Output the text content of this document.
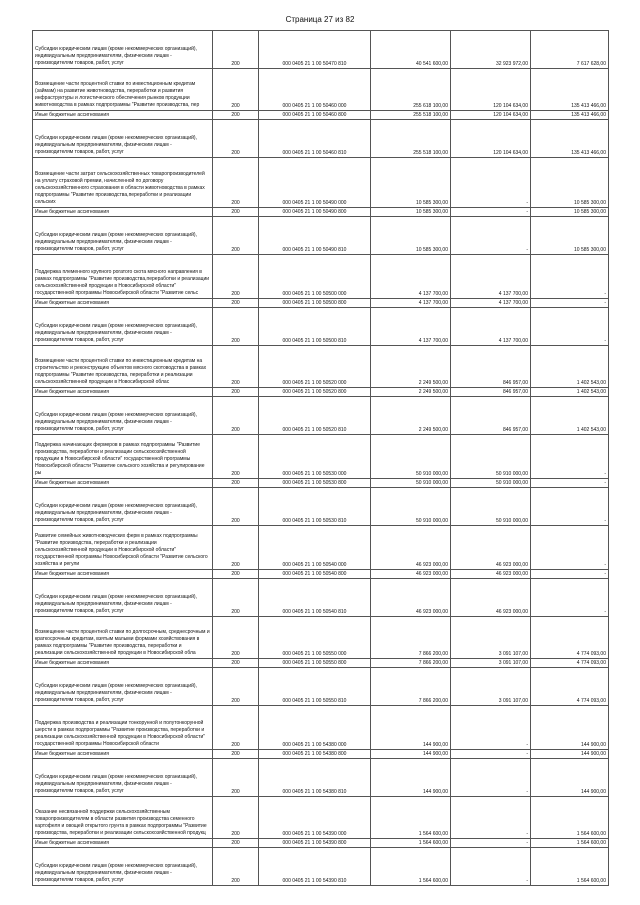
Страница 27 из 82
Субсидии юридическим лицам (кроме некоммерческих организаций), индивидуальным предпринимателям, физическим лицам - производителям товаров, работ, услуг	200	000 0405 21 1 00 50470 810	40 541 600,00	32 923 972,00	7 617 628,00
Возмещение части процентной ставки по инвестиционным кредитам (займам) на развитие животноводства, переработки и развития инфраструктуры и логистического обеспечения рынков продукции животноводства в рамках подпрограммы "Развитие производства, пер	200	000 0405 21 1 00 50460 000	255 618 100,00	120 104 634,00	135 413 466,00
Иные бюджетные ассигнования	200	000 0405 21 1 00 50460 800	255 518 100,00	120 104 634,00	135 413 466,00
Субсидии юридическим лицам (кроме некоммерческих организаций), индивидуальным предпринимателям, физическим лицам - производителям товаров, работ, услуг	200	000 0405 21 1 00 50460 810	255 518 100,00	120 104 634,00	135 413 466,00
Возмещение части затрат сельскохозяйственных товаропроизводителей на уплату страховой премии, начисленной по договору сельскохозяйственного страхования в области животноводства в рамках подпрограммы "Развитие производства,переработки и реализации сельских	200	000 0405 21 1 00 50490 000	10 585 300,00	-	10 585 300,00
Иные бюджетные ассигнования	200	000 0405 21 1 00 50490 800	10 585 300,00	-	10 585 300,00
Субсидии юридическим лицам (кроме некоммерческих организаций), индивидуальным предпринимателям, физическим лицам - производителям товаров, работ, услуг	200	000 0405 21 1 00 50490 810	10 585 300,00	-	10 585 300,00
Поддержка племенного крупного рогатого скота мясного направления в рамках подпрограммы "Развитие производства,переработки и реализации сельскохозяйственной продукции в Новосибирской области" государственной программы Новосибирской области "Развитие сельс	200	000 0405 21 1 00 50500 000	4 137 700,00	4 137 700,00	-
Иные бюджетные ассигнования	200	000 0405 21 1 00 50500 800	4 137 700,00	4 137 700,00	-
Субсидии юридическим лицам (кроме некоммерческих организаций), индивидуальным предпринимателям, физическим лицам - производителям товаров, работ, услуг	200	000 0405 21 1 00 50500 810	4 137 700,00	4 137 700,00	-
Возмещение части процентной ставки по инвестиционным кредитам на строительство и реконструкцию объектов мясного скотоводства в рамках подпрограммы "Развитие производства, переработки и реализации сельскохозяйственной продукции в Новосибирской облас	200	000 0405 21 1 00 50520 000	2 249 500,00	846 957,00	1 402 543,00
Иные бюджетные ассигнования	200	000 0405 21 1 00 50520 800	2 249 500,00	846 957,00	1 402 543,00
Субсидии юридическим лицам (кроме некоммерческих организаций), индивидуальным предпринимателям, физическим лицам - производителям товаров, работ, услуг	200	000 0405 21 1 00 50520 810	2 249 500,00	846 957,00	1 402 543,00
Поддержка начинающих фермеров в рамках подпрограммы "Развитие производства, переработки и реализации сельскохозяйственной продукции в Новосибирской области" государственной программы Новосибирской области "Развитие сельского хозяйства и регулирование ры	200	000 0405 21 1 00 50530 000	50 910 000,00	50 910 000,00	-
Иные бюджетные ассигнования	200	000 0405 21 1 00 50530 800	50 910 000,00	50 910 000,00	-
Субсидии юридическим лицам (кроме некоммерческих организаций), индивидуальным предпринимателям, физическим лицам - производителям товаров, работ, услуг	200	000 0405 21 1 00 50530 810	50 910 000,00	50 910 000,00	-
Развитие семейных животноводческих ферм в рамках подпрограммы "Развитие производства, переработки и реализации сельскохозяйственной продукции в Новосибирской области" государственной программы Новосибирской области "Развитие сельского хозяйства и регули	200	000 0405 21 1 00 50540 000	46 923 000,00	46 923 000,00	-
Иные бюджетные ассигнования	200	000 0405 21 1 00 50540 800	46 923 000,00	46 923 000,00	-
Субсидии юридическим лицам (кроме некоммерческих организаций), индивидуальным предпринимателям, физическим лицам - производителям товаров, работ, услуг	200	000 0405 21 1 00 50540 810	46 923 000,00	46 923 000,00	-
Возмещение части процентной ставки по долгосрочным, среднесрочным и краткосрочным кредитам, взятым малыми формами хозяйствования в рамках подпрограммы "Развитие производства, переработки и реализации сельскохозяйственной продукции в Новосибирской обла	200	000 0405 21 1 00 50550 000	7 866 200,00	3 091 107,00	4 774 093,00
Иные бюджетные ассигнования	200	000 0405 21 1 00 50550 800	7 866 200,00	3 091 107,00	4 774 093,00
Субсидии юридическим лицам (кроме некоммерческих организаций), индивидуальным предпринимателям, физическим лицам - производителям товаров, работ, услуг	200	000 0405 21 1 00 50550 810	7 866 200,00	3 091 107,00	4 774 093,00
Поддержка производства и реализации тонкорунной и полутонкорунной шерсти в рамках подпрограммы "Развитие производства, переработки и реализации сельскохозяйственной продукции в Новосибирской области" государственной программы Новосибирской области	200	000 0405 21 1 00 54380 000	144 900,00	-	144 900,00
Иные бюджетные ассигнования	200	000 0405 21 1 00 54380 800	144 900,00	-	144 900,00
Субсидии юридическим лицам (кроме некоммерческих организаций), индивидуальным предпринимателям, физическим лицам - производителям товаров, работ, услуг	200	000 0405 21 1 00 54380 810	144 900,00	-	144 900,00
Оказание несвязанной поддержки сельскохозяйственным товаропроизводителям в области развития производства семенного картофеля и овощей открытого грунта в рамках подпрограммы "Развитие производства, переработки и реализации сельскохозяйственной продукц	200	000 0405 21 1 00 54390 000	1 564 600,00	-	1 564 600,00
Иные бюджетные ассигнования	200	000 0405 21 1 00 54390 800	1 564 600,00	-	1 564 600,00
Субсидии юридическим лицам (кроме некоммерческих организаций), индивидуальным предпринимателям, физическим лицам - производителям товаров, работ, услуг	200	000 0405 21 1 00 54390 810	1 564 600,00	-	1 564 600,00
